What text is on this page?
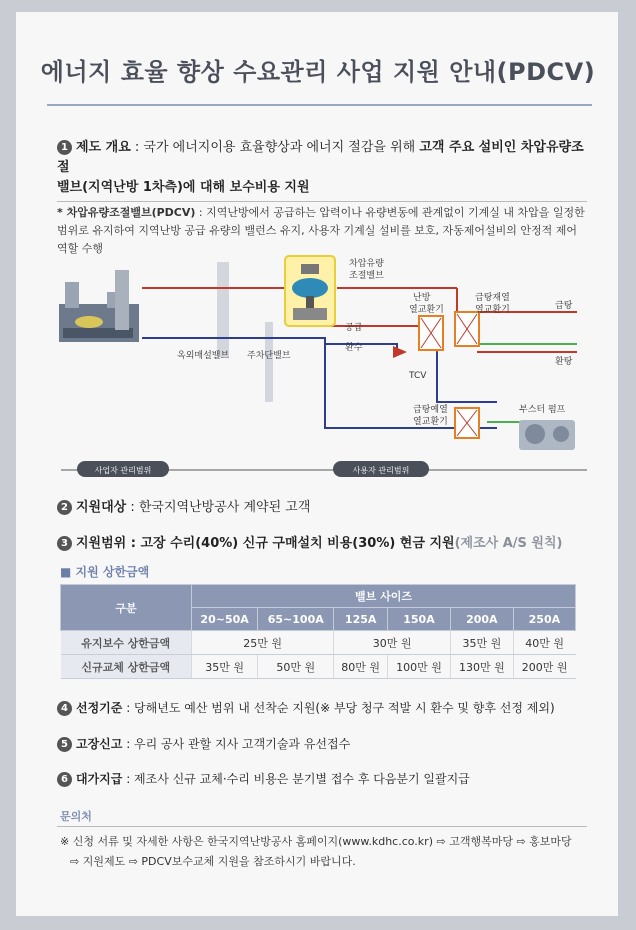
에너지 효율 향상 수요관리 사업 지원 안내(PDCV)
1 제도 개요 : 국가 에너지이용 효율향상과 에너지 절감을 위해 고객 주요 설비인 차압유량조절
밸브(지역난방 1차측)에 대해 보수비용 지원
* 차압유량조절밸브(PDCV) : 지역난방에서 공급하는 압력이나 유량변동에 관계없이 기계실 내 차압을 일정한 범위로 유지하여 지역난방 공급 유량의 밸런스 유지, 사용자 기계실 설비를 보호, 자동제어설비의 안정적 제어 역할 수행
차압유량
조절밸브
난방
열교환기
급탕재열
열교환기
공급
환수
급탕
환탕
TCV
옥외매설밸브 주차단밸브
급탕예열
열교환기
부스터 펌프
사업자 관리범위	사용자 관리범위
2 지원대상 : 한국지역난방공사 계약된 고객
3 지원범위 : 고장 수리(40%) 신규 구매설치 비용(30%) 현금 지원(제조사 A/S 원칙)
■ 지원 상한금액
구분	밸브 사이즈					
	20~50A	65~100A	125A	150A	200A	250A
유지보수 상한금액	25만 원		30만 원		35만 원	40만 원
신규교체 상한금액	35만 원	50만 원	80만 원	100만 원	130만 원	200만 원
4 선정기준 : 당해년도 예산 범위 내 선착순 지원(※ 부당 청구 적발 시 환수 및 향후 선정 제외)
5 고장신고 : 우리 공사 관할 지사 고객기술과 유선접수
6 대가지급 : 제조사 신규 교체·수리 비용은 분기별 접수 후 다음분기 일괄지급
문의처
※ 신청 서류 및 자세한 사항은 한국지역난방공사 홈페이지(www.kdhc.co.kr) ⇨ 고객행복마당 ⇨ 홍보마당
⇨ 지원제도 ⇨ PDCV보수교체 지원을 참조하시기 바랍니다.
